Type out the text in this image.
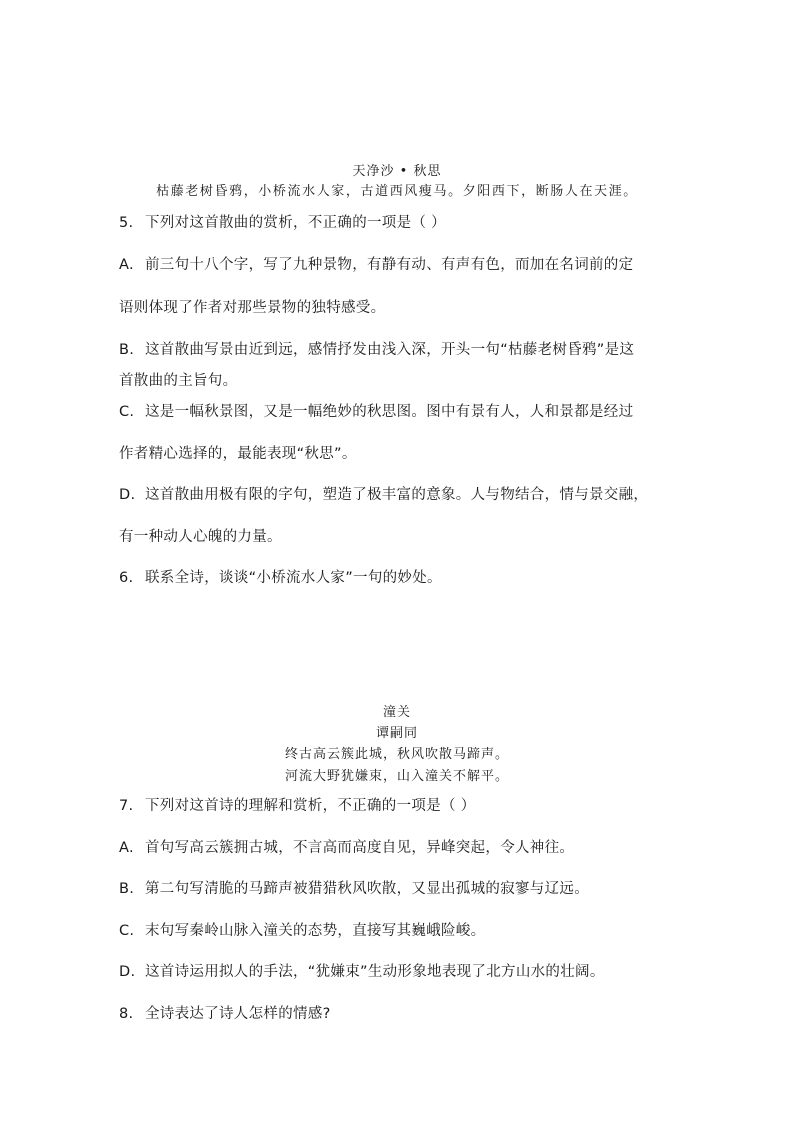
天净沙 • 秋思
枯藤老树昏鸦，小桥流水人家，古道西风瘦马。夕阳西下，断肠人在天涯。
5. 下列对这首散曲的赏析，不正确的一项是（ ）
A. 前三句十八个字，写了九种景物，有静有动、有声有色，而加在名词前的定
语则体现了作者对那些景物的独特感受。
B. 这首散曲写景由近到远，感情抒发由浅入深，开头一句“枯藤老树昏鸦”是这
首散曲的主旨句。
C. 这是一幅秋景图，又是一幅绝妙的秋思图。图中有景有人，人和景都是经过
作者精心选择的，最能表现“秋思”。
D. 这首散曲用极有限的字句，塑造了极丰富的意象。人与物结合，情与景交融，
有一种动人心魄的力量。
6. 联系全诗，谈谈“小桥流水人家”一句的妙处。
潼关
谭嗣同
终古高云簇此城，秋风吹散马蹄声。
河流大野犹嫌束，山入潼关不解平。
7. 下列对这首诗的理解和赏析，不正确的一项是（ ）
A. 首句写高云簇拥古城，不言高而高度自见，异峰突起，令人神往。
B. 第二句写清脆的马蹄声被猎猎秋风吹散，又显出孤城的寂寥与辽远。
C. 末句写秦岭山脉入潼关的态势，直接写其巍峨险峻。
D. 这首诗运用拟人的手法，“犹嫌束”生动形象地表现了北方山水的壮阔。
8. 全诗表达了诗人怎样的情感?
